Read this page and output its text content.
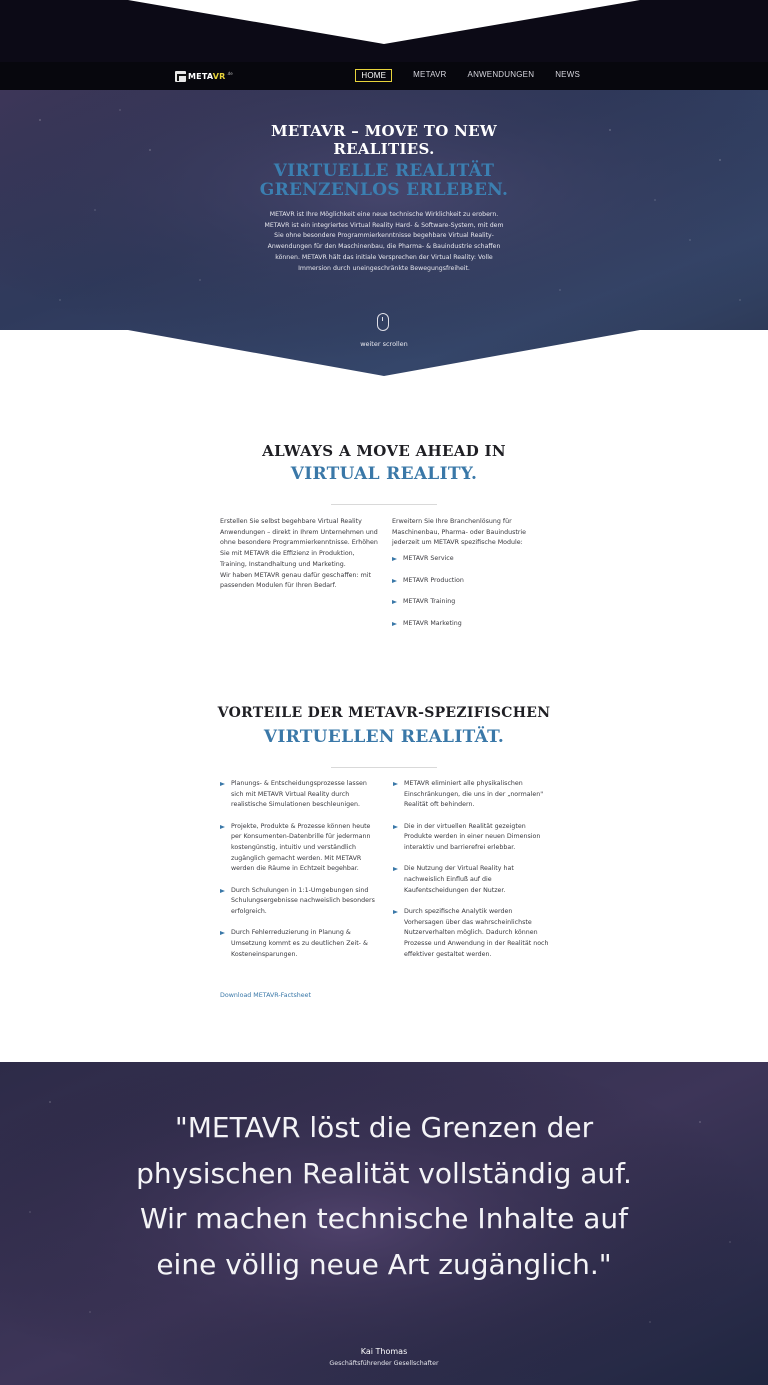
METAVR .de	HOME	METAVR	ANWENDUNGEN	NEWS
METAVR – MOVE TO NEW REALITIES.
VIRTUELLE REALITÄT GRENZENLOS ERLEBEN.
METAVR ist Ihre Möglichkeit eine neue technische Wirklichkeit zu erobern. METAVR ist ein integriertes Virtual Reality Hard- & Software-System, mit dem Sie ohne besondere Programmierkenntnisse begehbare Virtual Reality-Anwendungen für den Maschinenbau, die Pharma- & Bauindustrie schaffen können. METAVR hält das initiale Versprechen der Virtual Reality: Volle Immersion durch uneingeschränkte Bewegungsfreiheit.
weiter scrollen
ALWAYS A MOVE AHEAD IN
VIRTUAL REALITY.
Erstellen Sie selbst begehbare Virtual Reality Anwendungen – direkt in Ihrem Unternehmen und ohne besondere Programmierkenntnisse. Erhöhen Sie mit METAVR die Effizienz in Produktion, Training, Instandhaltung und Marketing.
Wir haben METAVR genau dafür geschaffen: mit passenden Modulen für Ihren Bedarf.
Erweitern Sie Ihre Branchenlösung für Maschinenbau, Pharma- oder Bauindustrie jederzeit um METAVR spezifische Module:
METAVR Service
METAVR Production
METAVR Training
METAVR Marketing
VORTEILE DER METAVR-SPEZIFISCHEN
VIRTUELLEN REALITÄT.
Planungs- & Entscheidungsprozesse lassen sich mit METAVR Virtual Reality durch realistische Simulationen beschleunigen.
Projekte, Produkte & Prozesse können heute per Konsumenten-Datenbrille für jedermann kostengünstig, intuitiv und verständlich zugänglich gemacht werden. Mit METAVR werden die Räume in Echtzeit begehbar.
Durch Schulungen in 1:1-Umgebungen sind Schulungsergebnisse nachweislich besonders erfolgreich.
Durch Fehlerreduzierung in Planung & Umsetzung kommt es zu deutlichen Zeit- & Kosteneinsparungen.
METAVR eliminiert alle physikalischen Einschränkungen, die uns in der „normalen" Realität oft behindern.
Die in der virtuellen Realität gezeigten Produkte werden in einer neuen Dimension interaktiv und barrierefrei erlebbar.
Die Nutzung der Virtual Reality hat nachweislich Einfluß auf die Kaufentscheidungen der Nutzer.
Durch spezifische Analytik werden Vorhersagen über das wahrscheinlichste Nutzerverhalten möglich. Dadurch können Prozesse und Anwendung in der Realität noch effektiver gestaltet werden.
Download METAVR-Factsheet
"METAVR löst die Grenzen der physischen Realität vollständig auf. Wir machen technische Inhalte auf eine völlig neue Art zugänglich."
Kai Thomas
Geschäftsführender Gesellschafter
